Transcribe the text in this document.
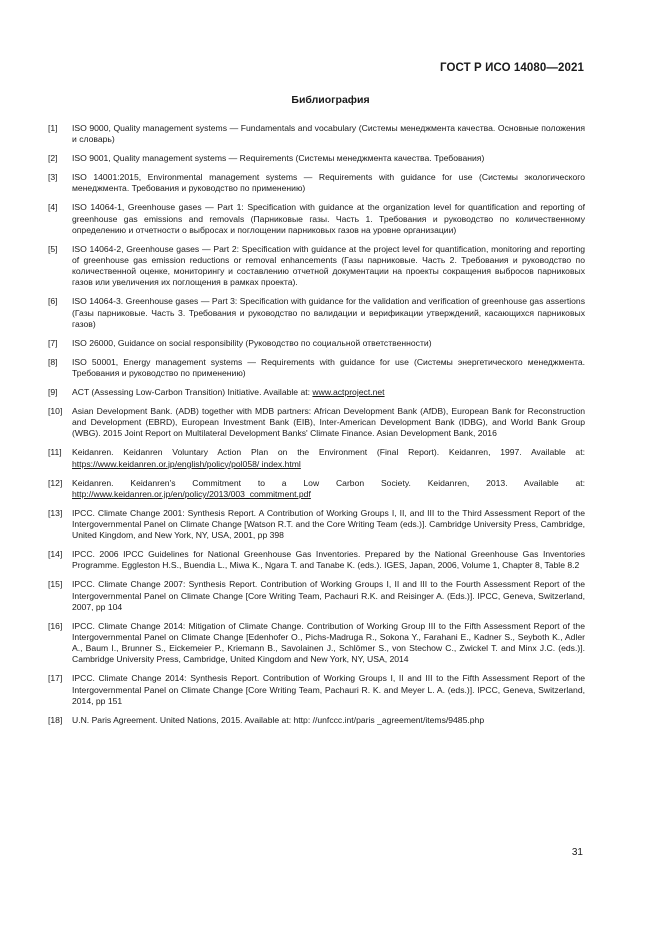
ГОСТ Р ИСО 14080—2021
Библиография
[1]	ISO 9000, Quality management systems — Fundamentals and vocabulary (Системы менеджмента качества. Основные положения и словарь)
[2]	ISO 9001, Quality management systems — Requirements (Системы менеджмента качества. Требования)
[3]	ISO 14001:2015, Environmental management systems — Requirements with guidance for use (Системы экологического менеджмента. Требования и руководство по применению)
[4]	ISO 14064-1, Greenhouse gases — Part 1: Specification with guidance at the organization level for quantification and reporting of greenhouse gas emissions and removals (Парниковые газы. Часть 1. Требования и руководство по количественному определению и отчетности о выбросах и поглощении парниковых газов на уровне организации)
[5]	ISO 14064-2, Greenhouse gases — Part 2: Specification with guidance at the project level for quantification, monitoring and reporting of greenhouse gas emission reductions or removal enhancements (Газы парниковые. Часть 2. Требования и руководство по количественной оценке, мониторингу и составлению отчетной документации на проекты сокращения выбросов парниковых газов или увеличения их поглощения в рамках проекта).
[6]	ISO 14064-3. Greenhouse gases — Part 3: Specification with guidance for the validation and verification of greenhouse gas assertions (Газы парниковые. Часть 3. Требования и руководство по валидации и верификации утверждений, касающихся парниковых газов)
[7]	ISO 26000, Guidance on social responsibility (Руководство по социальной ответственности)
[8]	ISO 50001, Energy management systems — Requirements with guidance for use (Системы энергетического менеджмента. Требования и руководство по применению)
[9]	ACT (Assessing Low-Carbon Transition) Initiative. Available at: www.actproject.net
[10]	Asian Development Bank. (ADB) together with MDB partners: African Development Bank (AfDB), European Bank for Reconstruction and Development (EBRD), European Investment Bank (EIB), Inter-American Development Bank (IDBG), and World Bank Group (WBG). 2015 Joint Report on Multilateral Development Banks' Climate Finance. Asian Development Bank, 2016
[11]	Keidanren. Keidanren Voluntary Action Plan on the Environment (Final Report). Keidanren, 1997. Available at: https://www.keidanren.or.jp/english/policy/pol058/ index.html
[12]	Keidanren. Keidanren's Commitment to a Low Carbon Society. Keidanren, 2013. Available at: http://www.keidanren.or.jp/en/policy/2013/003_commitment.pdf
[13]	IPCC. Climate Change 2001: Synthesis Report. A Contribution of Working Groups I, II, and III to the Third Assessment Report of the Intergovernmental Panel on Climate Change [Watson R.T. and the Core Writing Team (eds.)]. Cambridge University Press, Cambridge, United Kingdom, and New York, NY, USA, 2001, pp 398
[14]	IPCC. 2006 IPCC Guidelines for National Greenhouse Gas Inventories. Prepared by the National Greenhouse Gas Inventories Programme. Eggleston H.S., Buendia L., Miwa K., Ngara T. and Tanabe K. (eds.). IGES, Japan, 2006, Volume 1, Chapter 8, Table 8.2
[15]	IPCC. Climate Change 2007: Synthesis Report. Contribution of Working Groups I, II and III to the Fourth Assessment Report of the Intergovernmental Panel on Climate Change [Core Writing Team, Pachauri R.K. and Reisinger A. (Eds.)]. IPCC, Geneva, Switzerland, 2007, pp 104
[16]	IPCC. Climate Change 2014: Mitigation of Climate Change. Contribution of Working Group III to the Fifth Assessment Report of the Intergovernmental Panel on Climate Change [Edenhofer O., Pichs-Madruga R., Sokona Y., Farahani E., Kadner S., Seyboth K., Adler A., Baum I., Brunner S., Eickemeier P., Kriemann B., Savolainen J., Schlömer S., von Stechow C., Zwickel T. and Minx J.C. (eds.)]. Cambridge University Press, Cambridge, United Kingdom and New York, NY, USA, 2014
[17]	IPCC. Climate Change 2014: Synthesis Report. Contribution of Working Groups I, II and III to the Fifth Assessment Report of the Intergovernmental Panel on Climate Change [Core Writing Team, Pachauri R. K. and Meyer L. A. (eds.)]. IPCC, Geneva, Switzerland, 2014, pp 151
[18]	U.N. Paris Agreement. United Nations, 2015. Available at: http: //unfccc.int/paris _agreement/items/9485.php
31
